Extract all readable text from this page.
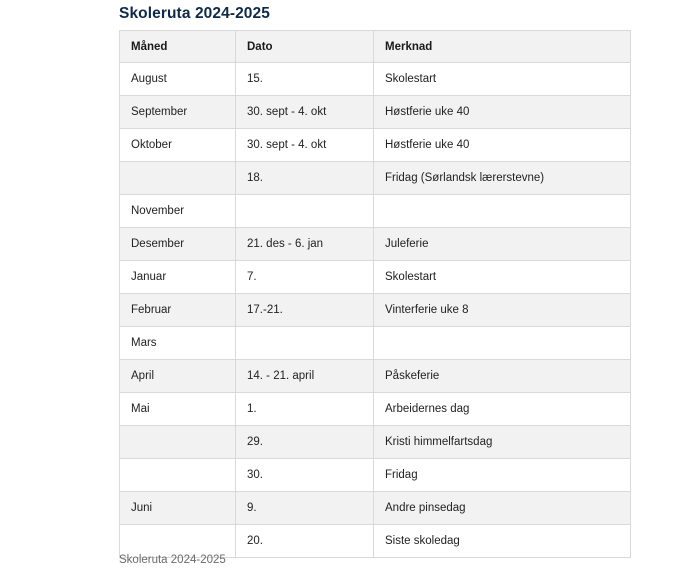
Skoleruta 2024-2025
Måned	Dato	Merknad
August	15.	Skolestart
September	30. sept - 4. okt	Høstferie uke 40
Oktober	30. sept - 4. okt	Høstferie uke 40
	18.	Fridag (Sørlandsk lærerstevne)
November		
Desember	21. des - 6. jan	Juleferie
Januar	7.	Skolestart
Februar	17.-21.	Vinterferie uke 8
Mars		
April	14. - 21. april	Påskeferie
Mai	1.	Arbeidernes dag
	29.	Kristi himmelfartsdag
	30.	Fridag
Juni	9.	Andre pinsedag
	20.	Siste skoledag
Skoleruta 2024-2025
